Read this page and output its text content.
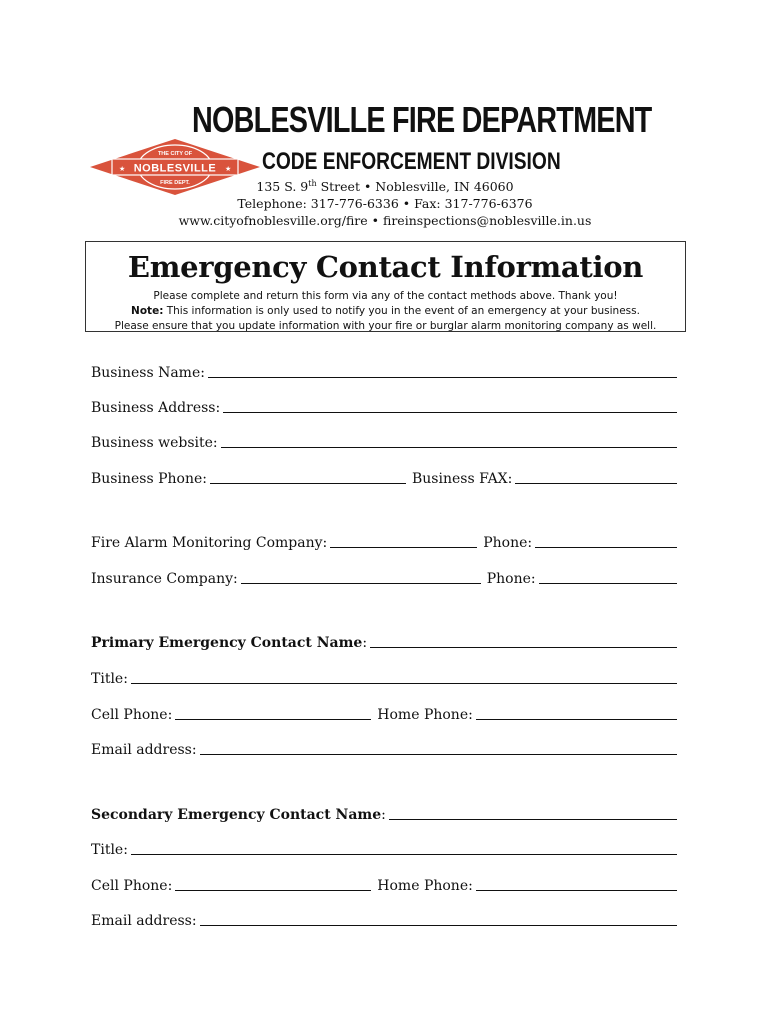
NOBLESVILLE FIRE DEPARTMENT
THE CITY OF
★ NOBLESVILLE ★
FIRE DEPT.
CODE ENFORCEMENT DIVISION
135 S. 9th Street • Noblesville, IN 46060
Telephone: 317-776-6336 • Fax: 317-776-6376
www.cityofnoblesville.org/fire • fireinspections@noblesville.in.us
Emergency Contact Information
Please complete and return this form via any of the contact methods above. Thank you!
Note: This information is only used to notify you in the event of an emergency at your business.
Please ensure that you update information with your fire or burglar alarm monitoring company as well.
Business Name:
Business Address:
Business website:
Business Phone:	Business FAX:
Fire Alarm Monitoring Company:	Phone:
Insurance Company:	Phone:
Primary Emergency Contact Name :
Title:
Cell Phone:	Home Phone:
Email address:
Secondary Emergency Contact Name :
Title:
Cell Phone:	Home Phone:
Email address:
